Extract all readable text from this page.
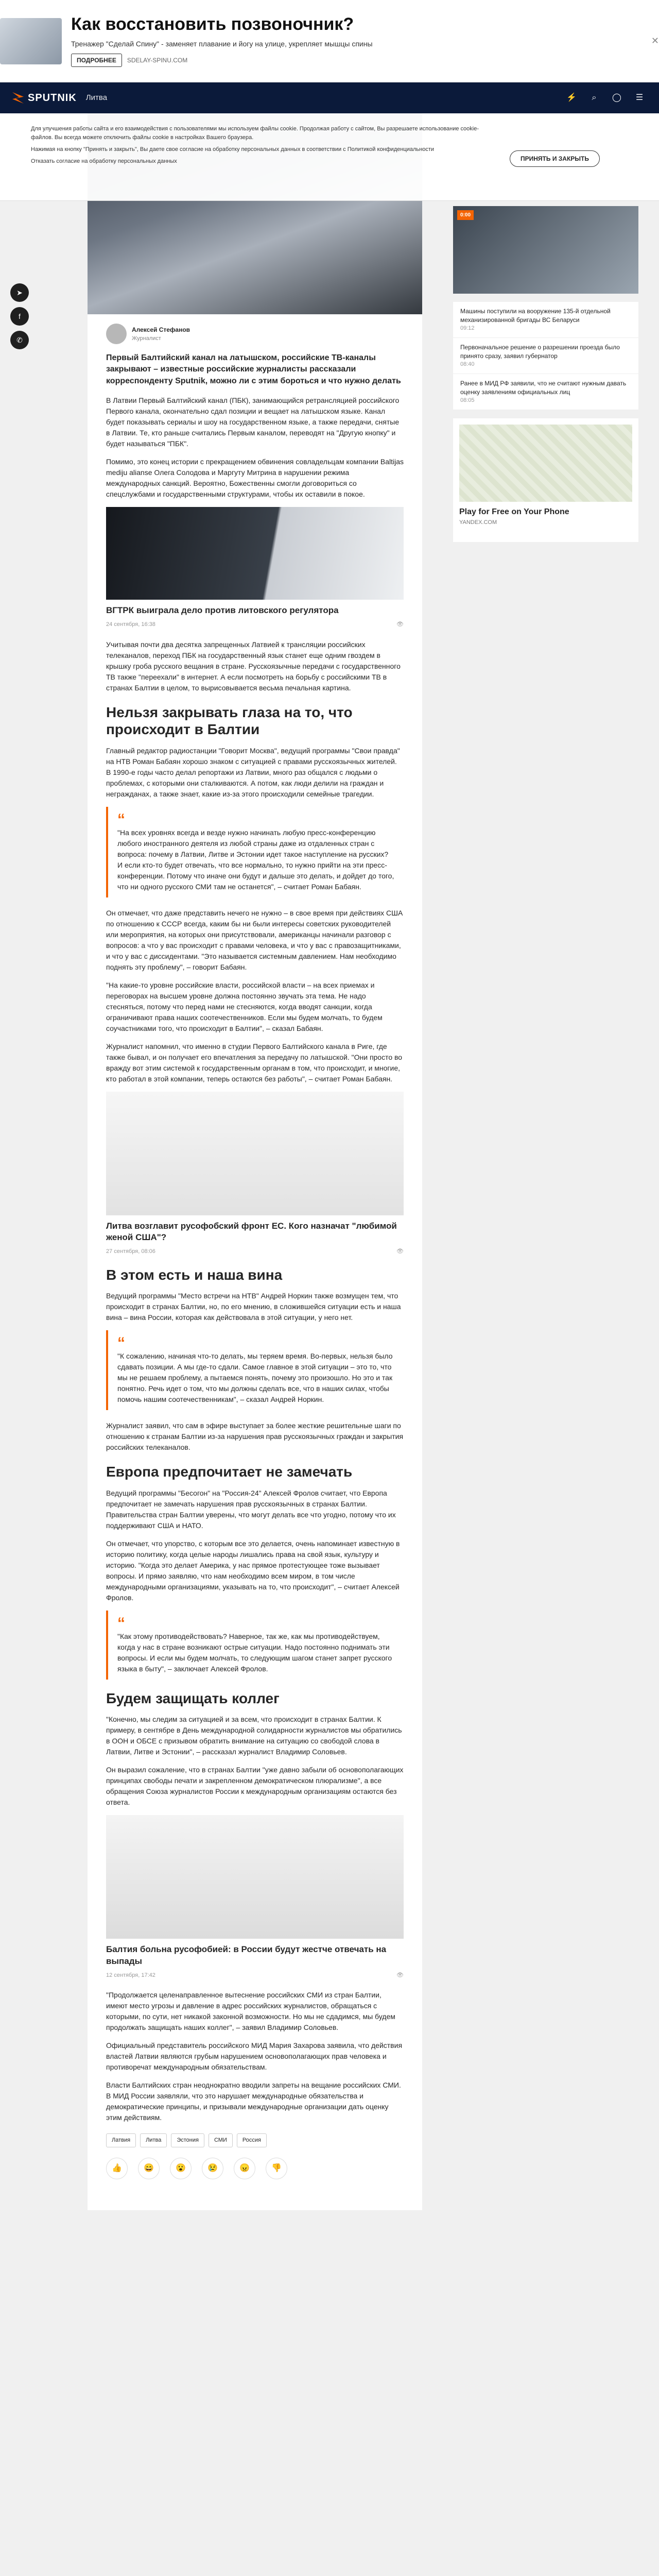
Как восстановить позвоночник?

Тренажер "Сделай Спину" - заменяет плавание и йогу на улице, укрепляет мышцы спины

ПОДРОБНЕЕ	SDELAY-SPINU.COM
✕
SPUTNIK Литва	⚡	⌕	◯	☰

Для улучшения работы сайта и его взаимодействия с пользователями мы используем файлы cookie. Продолжая работу с сайтом, Вы разрешаете использование cookie-файлов. Вы всегда можете отключить файлы cookie в настройках Вашего браузера.

Нажимая на кнопку "Принять и закрыть", Вы даете свое согласие на обработку персональных данных в соответствии с Политикой конфиденциальности

Отказать согласие на обработку персональных данных	ПРИНЯТЬ И ЗАКРЫТЬ
➤
f
✆
Алексей Стефанов
Журналист

Первый Балтийский канал на латышском, российские ТВ-каналы закрывают – известные российские журналисты рассказали корреспонденту Sputnik, можно ли с этим бороться и что нужно делать

В Латвии Первый Балтийский канал (ПБК), занимающийся ретрансляцией российского Первого канала, окончательно сдал позиции и вещает на латышском языке. Канал будет показывать сериалы и шоу на государственном языке, а также передачи, снятые в Латвии. Те, кто раньше считались Первым каналом, переводят на "Другую кнопку" и будет называться "ПБК".

Помимо, это конец истории с прекращением обвинения совладельцам компании Baltijas mediju alianse Олега Солодова и Маргуту Митрина в нарушении режима международных санкций. Вероятно, Божественны смогли договориться со спецслужбами и государственными структурами, чтобы их оставили в покое.

ВГТРК выиграла дело против литовского регулятора
24 сентября, 16:38	👁

Учитывая почти два десятка запрещенных Латвией к трансляции российских телеканалов, переход ПБК на государственный язык станет еще одним гвоздем в крышку гроба русского вещания в стране. Русскоязычные передачи с государственного ТВ также "переехали" в интернет. А если посмотреть на борьбу с российскими ТВ в странах Балтии в целом, то вырисовывается весьма печальная картина.

Нельзя закрывать глаза на то, что происходит в Балтии

Главный редактор радиостанции "Говорит Москва", ведущий программы "Свои правда" на НТВ Роман Бабаян хорошо знаком с ситуацией с правами русскоязычных жителей. В 1990-е годы часто делал репортажи из Латвии, много раз общался с людьми о проблемах, с которыми они сталкиваются. А потом, как люди делили на граждан и негражданах, а также знает, какие из-за этого происходили семейные трагедии.

“

"На всех уровнях всегда и везде нужно начинать любую пресс-конференцию любого иностранного деятеля из любой страны даже из отдаленных стран с вопроса: почему в Латвии, Литве и Эстонии идет такое наступление на русских? И если кто-то будет отвечать, что все нормально, то нужно прийти на эти пресс-конференции. Потому что иначе они будут и дальше это делать, и дойдет до того, что ни одного русского СМИ там не останется", – считает Роман Бабаян.

Он отмечает, что даже представить нечего не нужно – в свое время при действиях США по отношению к СССР всегда, каким бы ни были интересы советских руководителей или мероприятия, на которых они присутствовали, американцы начинали разговор с вопросов: а что у вас происходит с правами человека, и что у вас с правозащитниками, и что у вас с диссидентами. "Это называется системным давлением. Нам необходимо поднять эту проблему", – говорит Бабаян.

"На какие-то уровне российские власти, российской власти – на всех приемах и переговорах на высшем уровне должна постоянно звучать эта тема. Не надо стесняться, потому что перед нами не стесняются, когда вводят санкции, когда ограничивают права наших соотечественников. Если мы будем молчать, то будем соучастниками того, что происходит в Балтии", – сказал Бабаян.

Журналист напомнил, что именно в студии Первого Балтийского канала в Риге, где также бывал, и он получает его впечатления за передачу по латышской. "Они просто во вражду вот этим системой к государственным органам в том, что происходит, и многие, кто работал в этой компании, теперь остаются без работы", – считает Роман Бабаян.

Литва возглавит русофобский фронт ЕС. Кого назначат "любимой женой США"?
27 сентября, 08:06	👁
В этом есть и наша вина

Ведущий программы "Место встречи на НТВ" Андрей Норкин также возмущен тем, что происходит в странах Балтии, но, по его мнению, в сложившейся ситуации есть и наша вина – вина России, которая как действовала в этой ситуации, у него нет.

“

"К сожалению, начиная что-то делать, мы теряем время. Во-первых, нельзя было сдавать позиции. А мы где-то сдали. Самое главное в этой ситуации – это то, что мы не решаем проблему, а пытаемся понять, почему это произошло. Но это и так понятно. Речь идет о том, что мы должны сделать все, что в наших силах, чтобы помочь нашим соотечественникам", – сказал Андрей Норкин.

Журналист заявил, что сам в эфире выступает за более жесткие решительные шаги по отношению к странам Балтии из-за нарушения прав русскоязычных граждан и закрытия российских телеканалов.

Европа предпочитает не замечать

Ведущий программы "Бесогон" на "Россия-24" Алексей Фролов считает, что Европа предпочитает не замечать нарушения прав русскоязычных в странах Балтии. Правительства стран Балтии уверены, что могут делать все что угодно, потому что их поддерживают США и НАТО.

Он отмечает, что упорство, с которым все это делается, очень напоминает известную в историю политику, когда целые народы лишались права на свой язык, культуру и историю. "Когда это делает Америка, у нас прямое протестующее тоже вызывает вопросы. И прямо заявляю, что нам необходимо всем миром, в том числе международными организациями, указывать на то, что происходит", – считает Алексей Фролов.

“

"Как этому противодействовать? Наверное, так же, как мы противодействуем, когда у нас в стране возникают острые ситуации. Надо постоянно поднимать эти вопросы. И если мы будем молчать, то следующим шагом станет запрет русского языка в быту", – заключает Алексей Фролов.

Будем защищать коллег

"Конечно, мы следим за ситуацией и за всем, что происходит в странах Балтии. К примеру, в сентябре в День международной солидарности журналистов мы обратились в ООН и ОБСЕ с призывом обратить внимание на ситуацию со свободой слова в Латвии, Литве и Эстонии", – рассказал журналист Владимир Соловьев.

Он выразил сожаление, что в странах Балтии "уже давно забыли об основополагающих принципах свободы печати и закрепленном демократическом плюрализме", а все обращения Союза журналистов России к международным организациям остаются без ответа.

Балтия больна русофобией: в России будут жестче отвечать на выпады
12 сентября, 17:42	👁

"Продолжается целенаправленное вытеснение российских СМИ из стран Балтии, имеют место угрозы и давление в адрес российских журналистов, обращаться с которыми, по сути, нет никакой законной возможности. Но мы не сдадимся, мы будем продолжать защищать наших коллег", – заявил Владимир Соловьев.

Официальный представитель российского МИД Мария Захарова заявила, что действия властей Латвии являются грубым нарушением основополагающих прав человека и противоречат международным обязательствам.

Власти Балтийских стран неоднократно вводили запреты на вещание российских СМИ. В МИД России заявляли, что это нарушает международные обязательства и демократические принципы, и призывали международные организации дать оценку этим действиям.

Латвия	Литва	Эстония	СМИ	Россия
👍	😄	😮	😢	😠	👎
0:00
Машины поступили на вооружение 135-й отдельной механизированной бригады ВС Беларуси
09:12
Первоначальное решение о разрешении проезда было принято сразу, заявил губернатор
08:40
Ранее в МИД РФ заявили, что не считают нужным давать оценку заявлениям официальных лиц
08:05
Play for Free on Your Phone
YANDEX.COM
